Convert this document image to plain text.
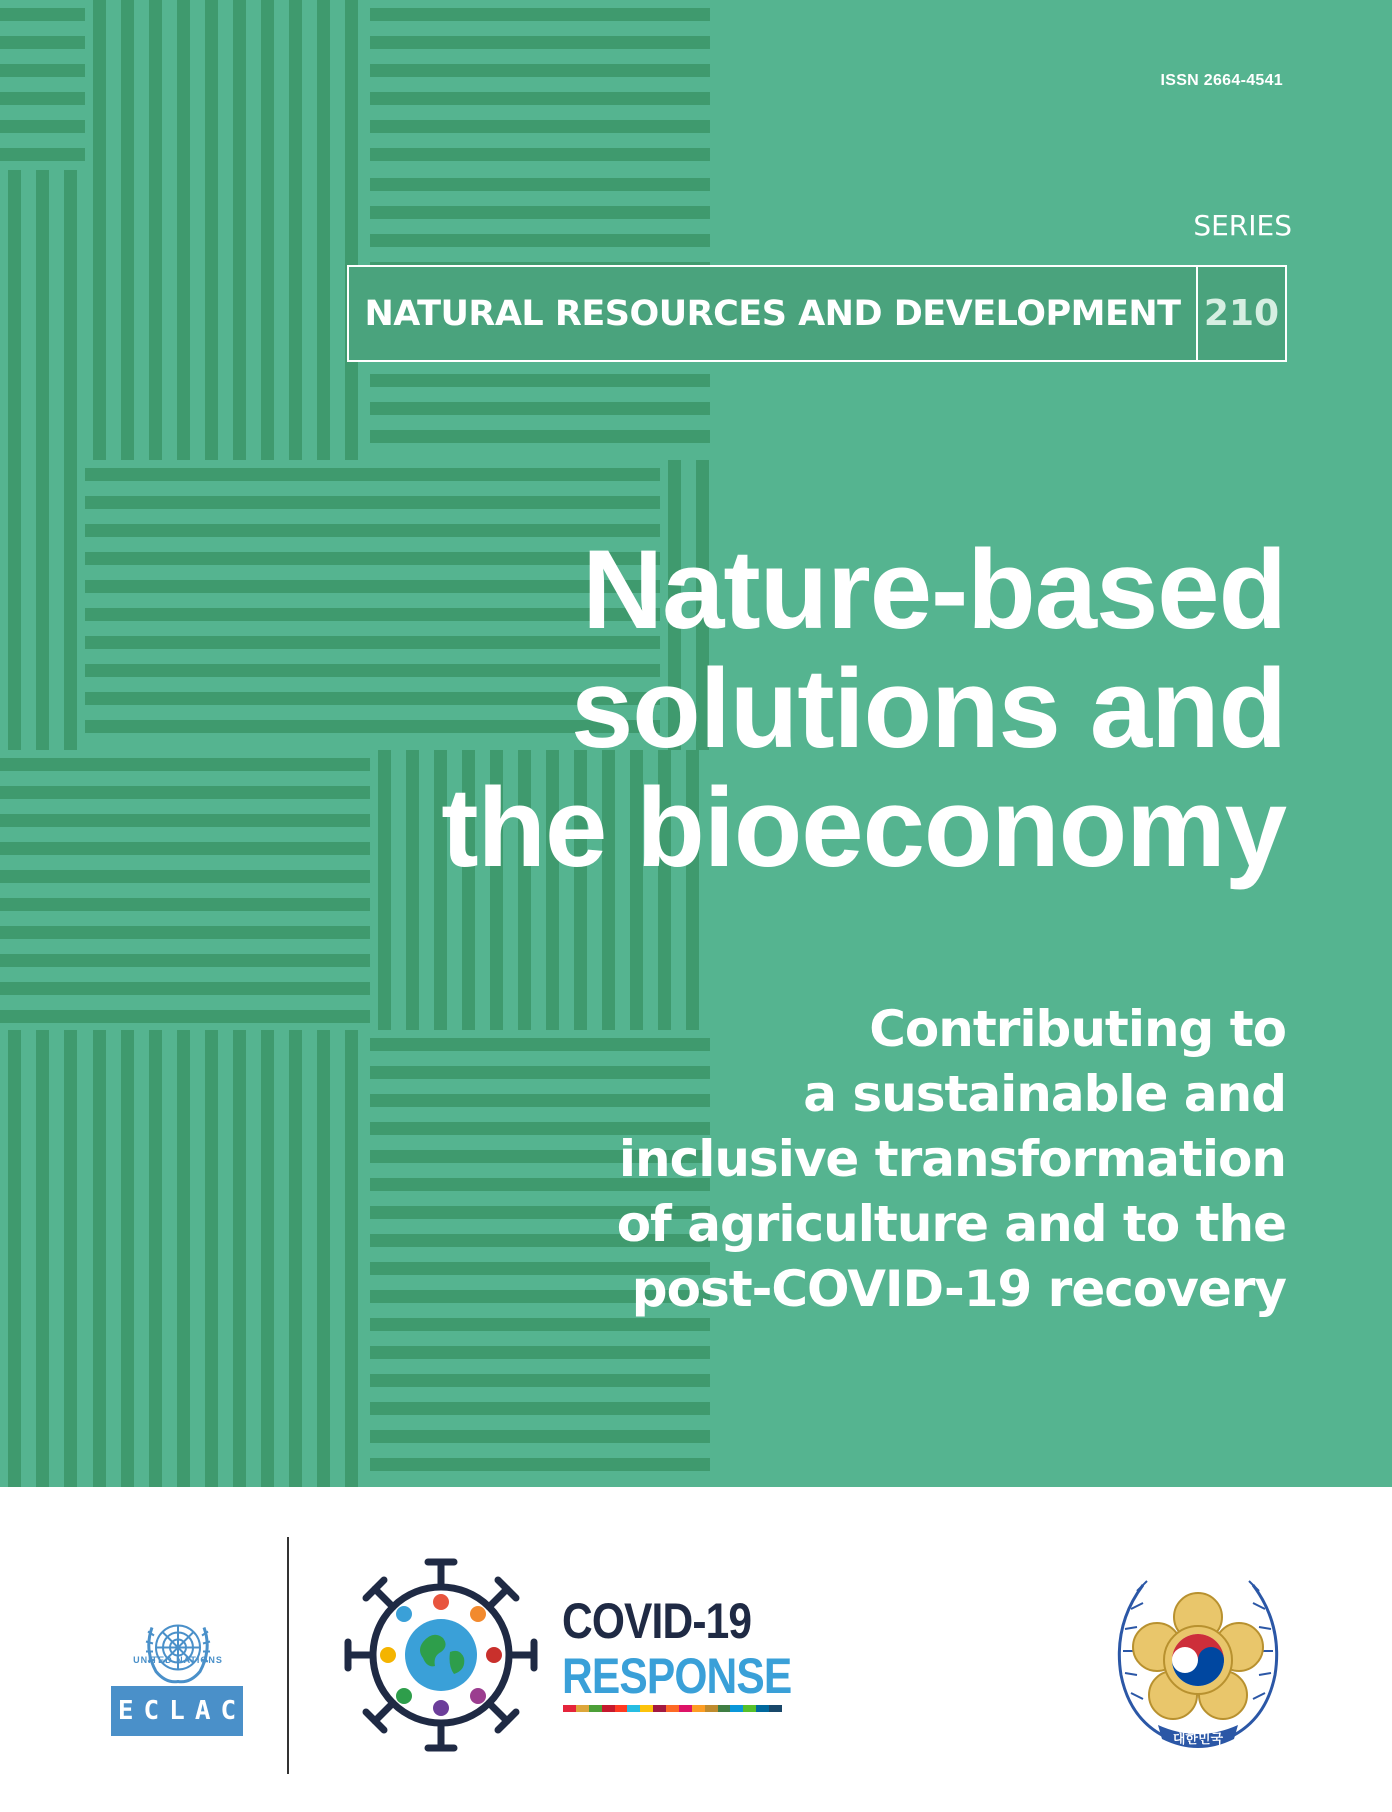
ISSN 2664-4541
SERIES
NATURAL RESOURCES AND DEVELOPMENT 210
Nature-based
solutions and
the bioeconomy
Contributing to
a sustainable and
inclusive transformation
of agriculture and to the
post-COVID-19 recovery
UNITED NATIONS
ECLAC
COVID-19
RESPONSE
대한민국
